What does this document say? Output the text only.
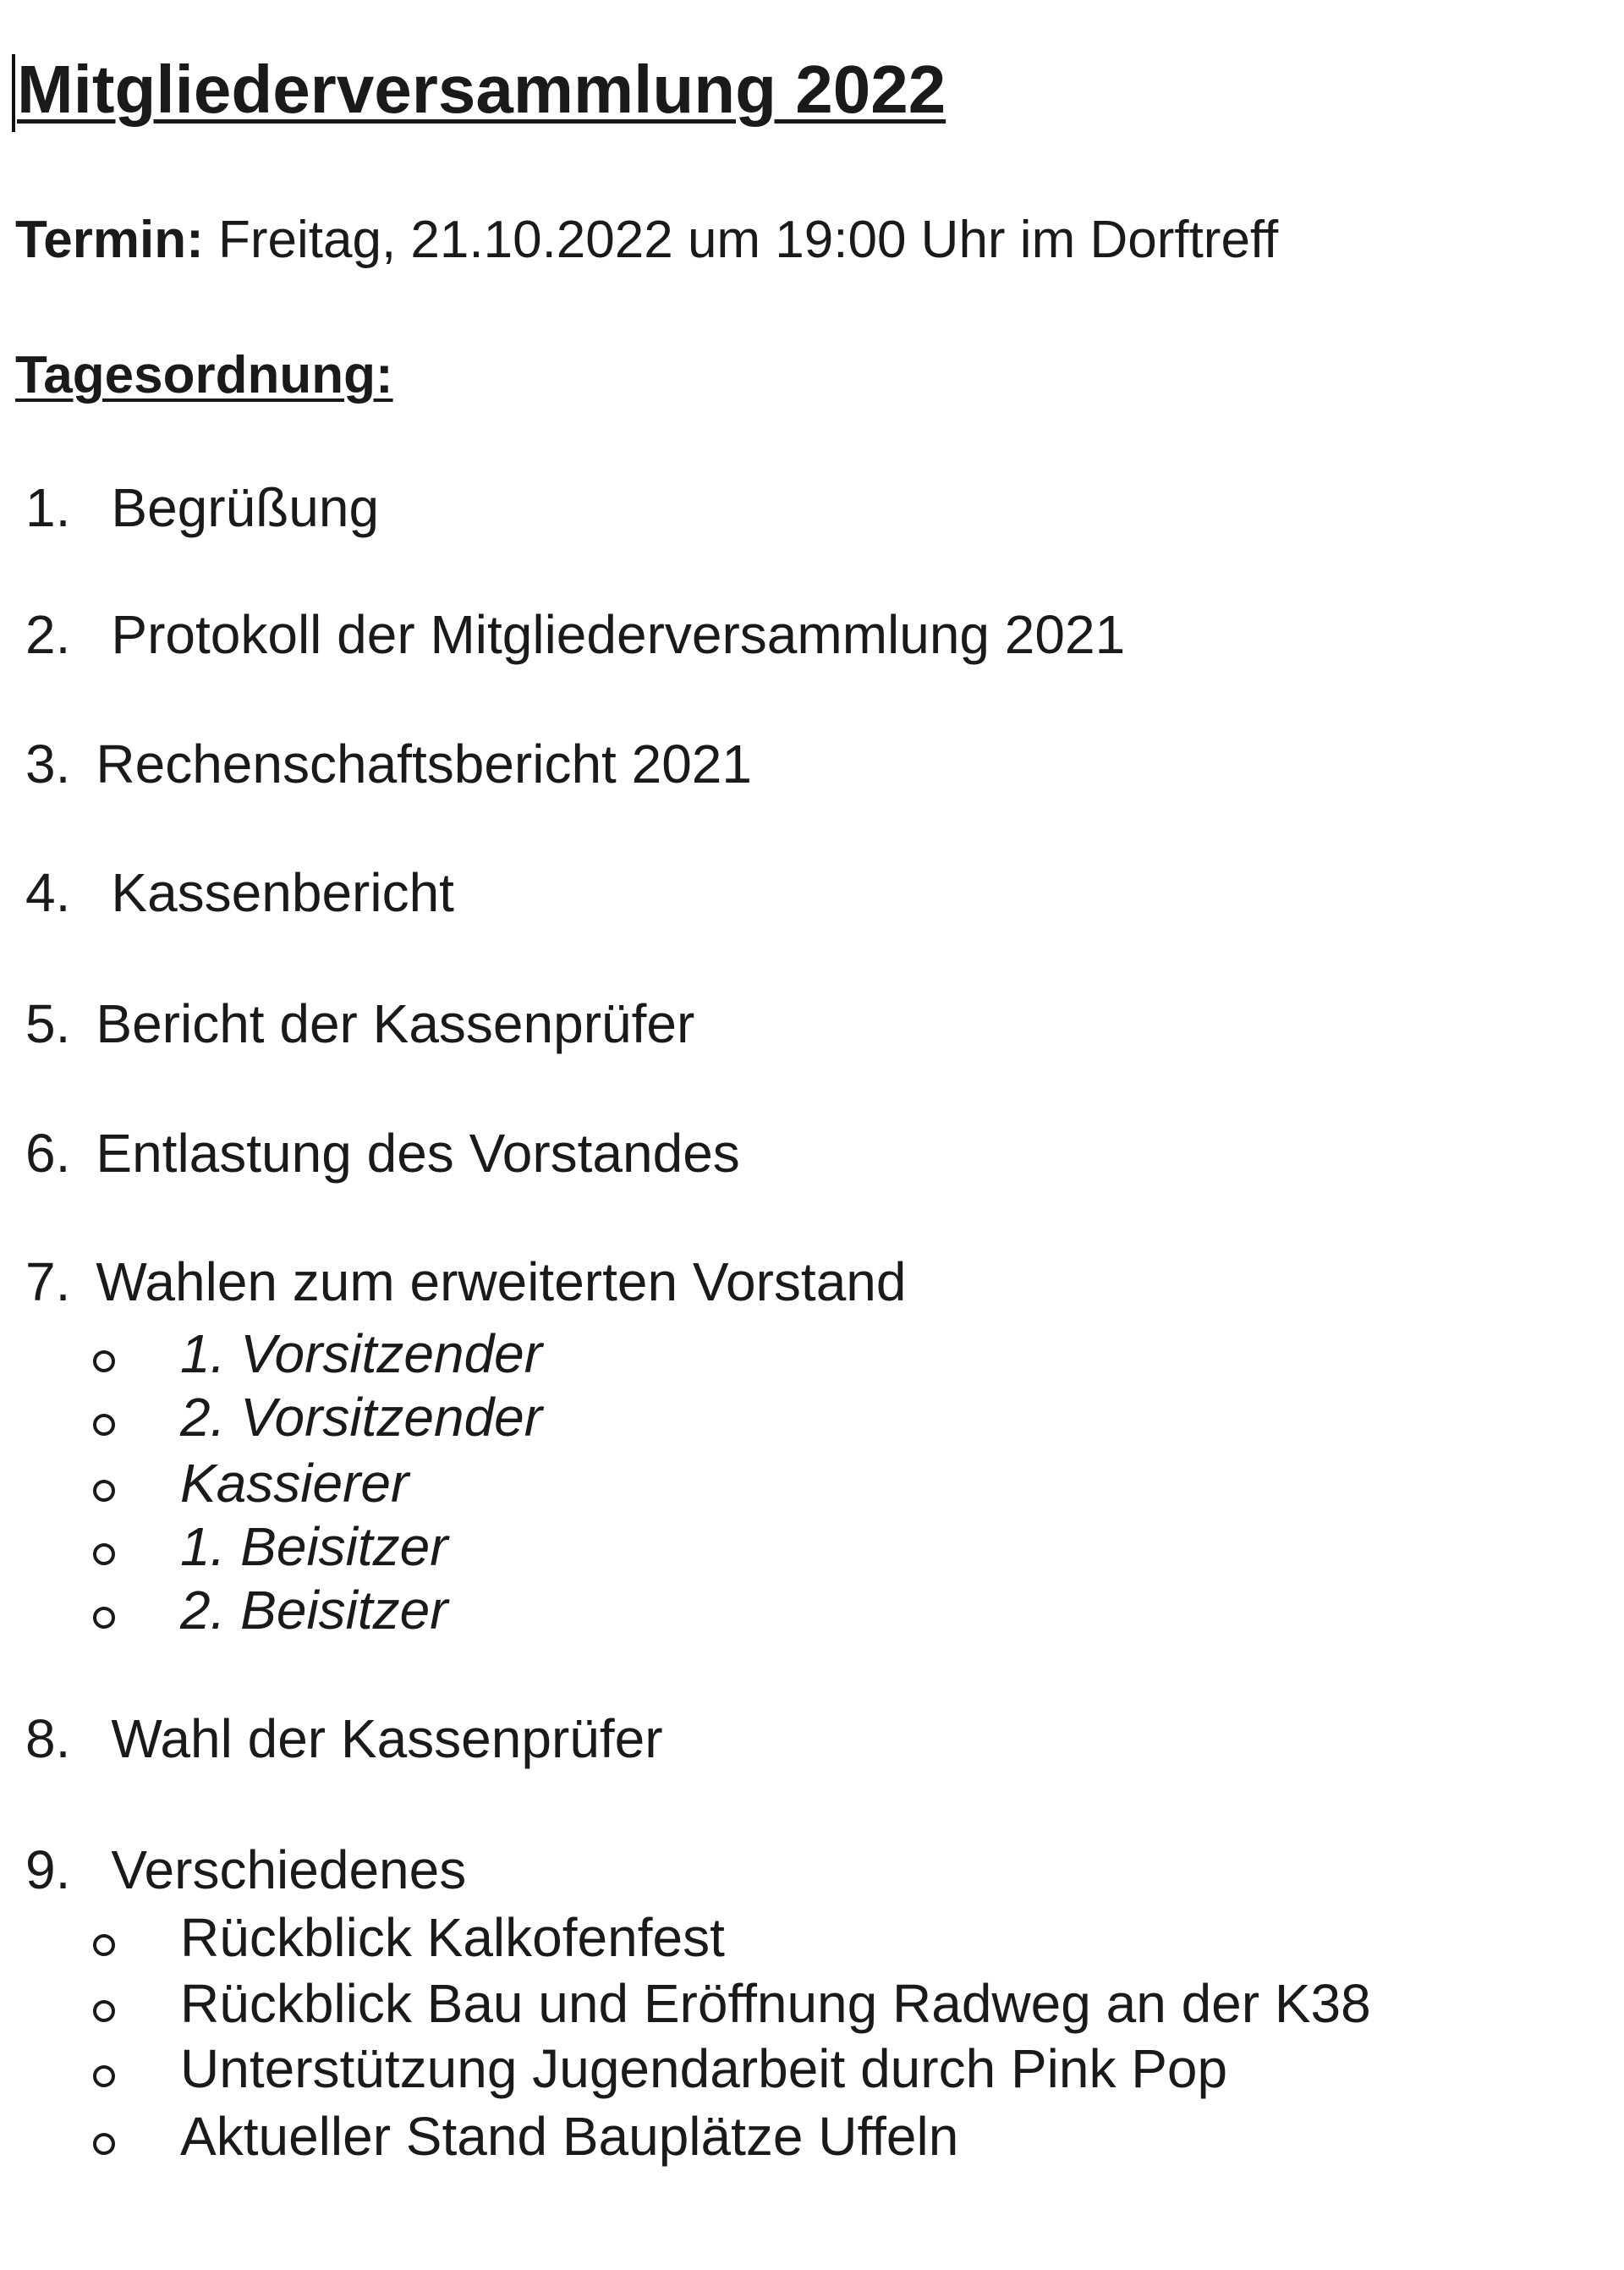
Mitgliederversammlung 2022
Termin: Freitag, 21.10.2022 um 19:00 Uhr im Dorftreff
Tagesordnung:
1. Begrüßung
2. Protokoll der Mitgliederversammlung 2021
3. Rechenschaftsbericht 2021
4. Kassenbericht
5. Bericht der Kassenprüfer
6. Entlastung des Vorstandes
7. Wahlen zum erweiterten Vorstand
1. Vorsitzender
2. Vorsitzender
Kassierer
1. Beisitzer
2. Beisitzer
8. Wahl der Kassenprüfer
9. Verschiedenes
Rückblick Kalkofenfest
Rückblick Bau und Eröffnung Radweg an der K38
Unterstützung Jugendarbeit durch Pink Pop
Aktueller Stand Bauplätze Uffeln
